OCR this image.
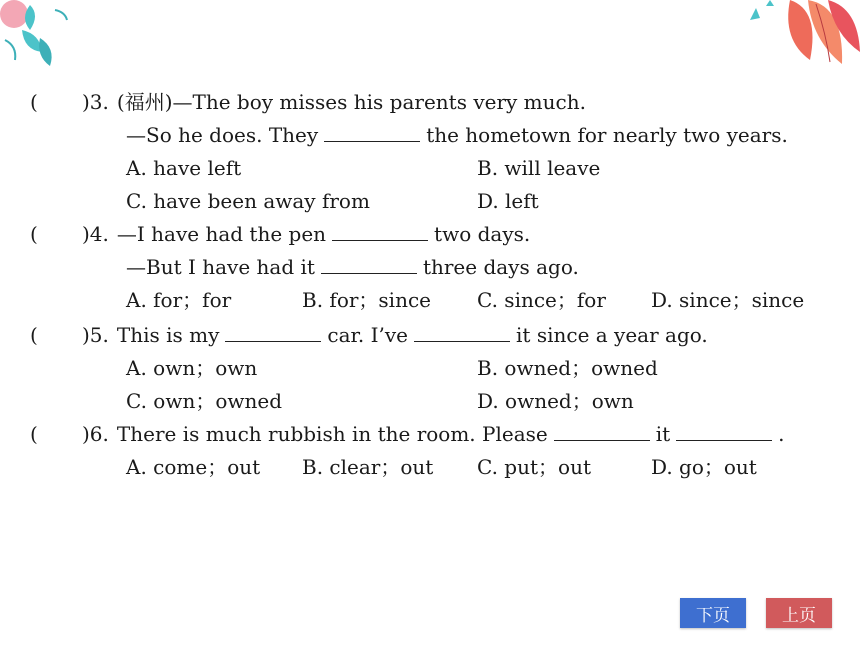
( )3. (福州)—The boy misses his parents very much.
—So he does. They	the hometown for nearly two years.
A. have left	B. will leave
C. have been away from	D. left
( )4. —I have had the pen	two days.
—But I have had it	three days ago.
A. for；for	B. for；since C. since；for D. since；since
( )5. This is my	car. I’ve	it since a year ago.
A. own；own	B. owned；owned
C. own；owned	D. owned；own
( )6. There is much rubbish in the room. Please	it	.
A. come；out B. clear；out C. put；out	D. go；out
下页	上页
